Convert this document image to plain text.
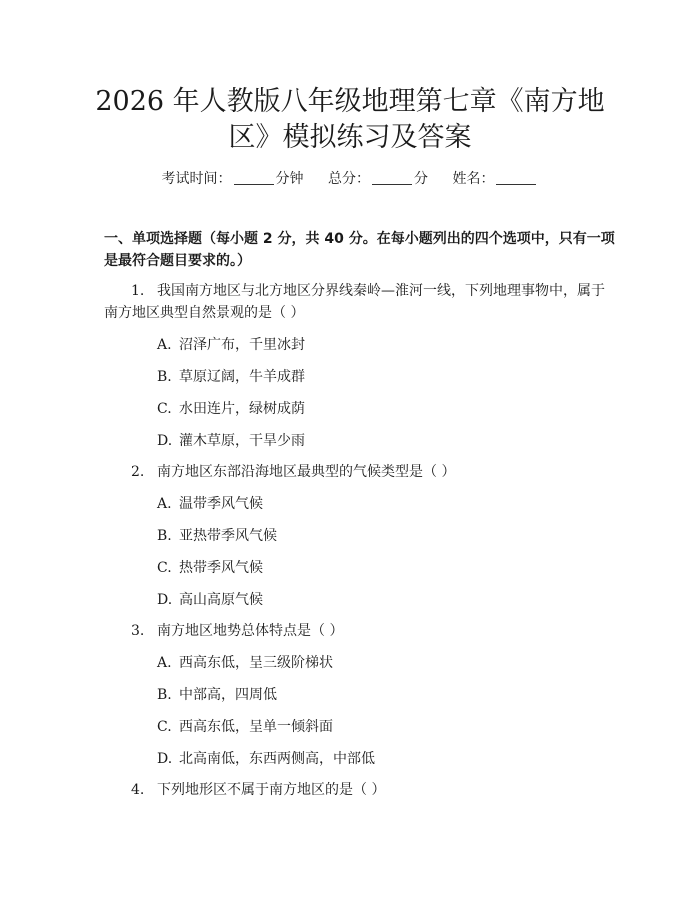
2026 年人教版八年级地理第七章《南方地
区》模拟练习及答案
考试时间：	分钟 总分：	分 姓名：
一、单项选择题（每小题 2 分，共 40 分。在每小题列出的四个选项中，只有一项
是最符合题目要求的。）
1. 我国南方地区与北方地区分界线秦岭—淮河一线，下列地理事物中，属于
南方地区典型自然景观的是（ ）
A. 沼泽广布，千里冰封
B. 草原辽阔，牛羊成群
C. 水田连片，绿树成荫
D. 灌木草原，干旱少雨
2. 南方地区东部沿海地区最典型的气候类型是（ ）
A. 温带季风气候
B. 亚热带季风气候
C. 热带季风气候
D. 高山高原气候
3. 南方地区地势总体特点是（ ）
A. 西高东低，呈三级阶梯状
B. 中部高，四周低
C. 西高东低，呈单一倾斜面
D. 北高南低，东西两侧高，中部低
4. 下列地形区不属于南方地区的是（ ）
